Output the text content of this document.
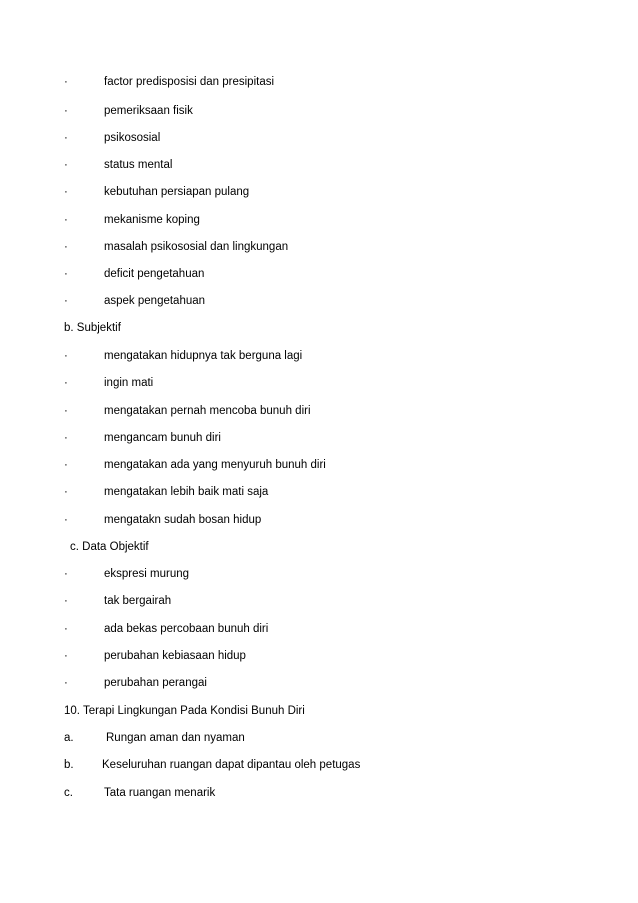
·	factor predisposisi dan presipitasi
·	pemeriksaan fisik
·	psikososial
·	status mental
·	kebutuhan persiapan pulang
·	mekanisme koping
·	masalah psikososial dan lingkungan
·	deficit pengetahuan
·	aspek pengetahuan
b. Subjektif
·	mengatakan hidupnya tak berguna lagi
·	ingin mati
·	mengatakan pernah mencoba bunuh diri
·	mengancam bunuh diri
·	mengatakan ada yang menyuruh bunuh diri
·	mengatakan lebih baik mati saja
·	mengatakn sudah bosan hidup
c. Data Objektif
·	ekspresi murung
·	tak bergairah
·	ada bekas percobaan bunuh diri
·	perubahan kebiasaan hidup
·	perubahan perangai
10. Terapi Lingkungan Pada Kondisi Bunuh Diri
a.	Rungan aman dan nyaman
b. Keseluruhan ruangan dapat dipantau oleh petugas
c.	Tata ruangan menarik
